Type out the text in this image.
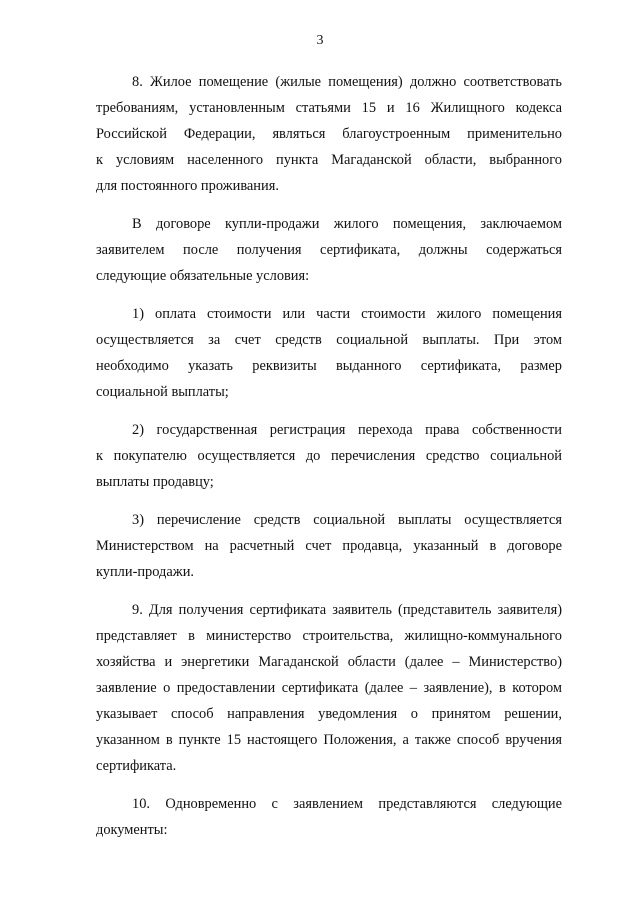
3

8. Жилое помещение (жилые помещения) должно соответствовать
требованиям, установленным статьями 15 и 16 Жилищного кодекса
Российской Федерации, являться благоустроенным применительно
к условиям населенного пункта Магаданской области, выбранного
для постоянного проживания.

В договоре купли-продажи жилого помещения, заключаемом
заявителем после получения сертификата, должны содержаться
следующие обязательные условия:

1) оплата стоимости или части стоимости жилого помещения
осуществляется за счет средств социальной выплаты. При этом
необходимо указать реквизиты выданного сертификата, размер
социальной выплаты;

2) государственная регистрация перехода права собственности
к покупателю осуществляется до перечисления средство социальной
выплаты продавцу;

3) перечисление средств социальной выплаты осуществляется
Министерством на расчетный счет продавца, указанный в договоре
купли-продажи.

9. Для получения сертификата заявитель (представитель заявителя)
представляет в министерство строительства, жилищно-коммунального
хозяйства и энергетики Магаданской области (далее – Министерство)
заявление о предоставлении сертификата (далее – заявление), в котором
указывает способ направления уведомления о принятом решении,
указанном в пункте 15 настоящего Положения, а также способ вручения
сертификата.

10. Одновременно с заявлением представляются следующие
документы:
